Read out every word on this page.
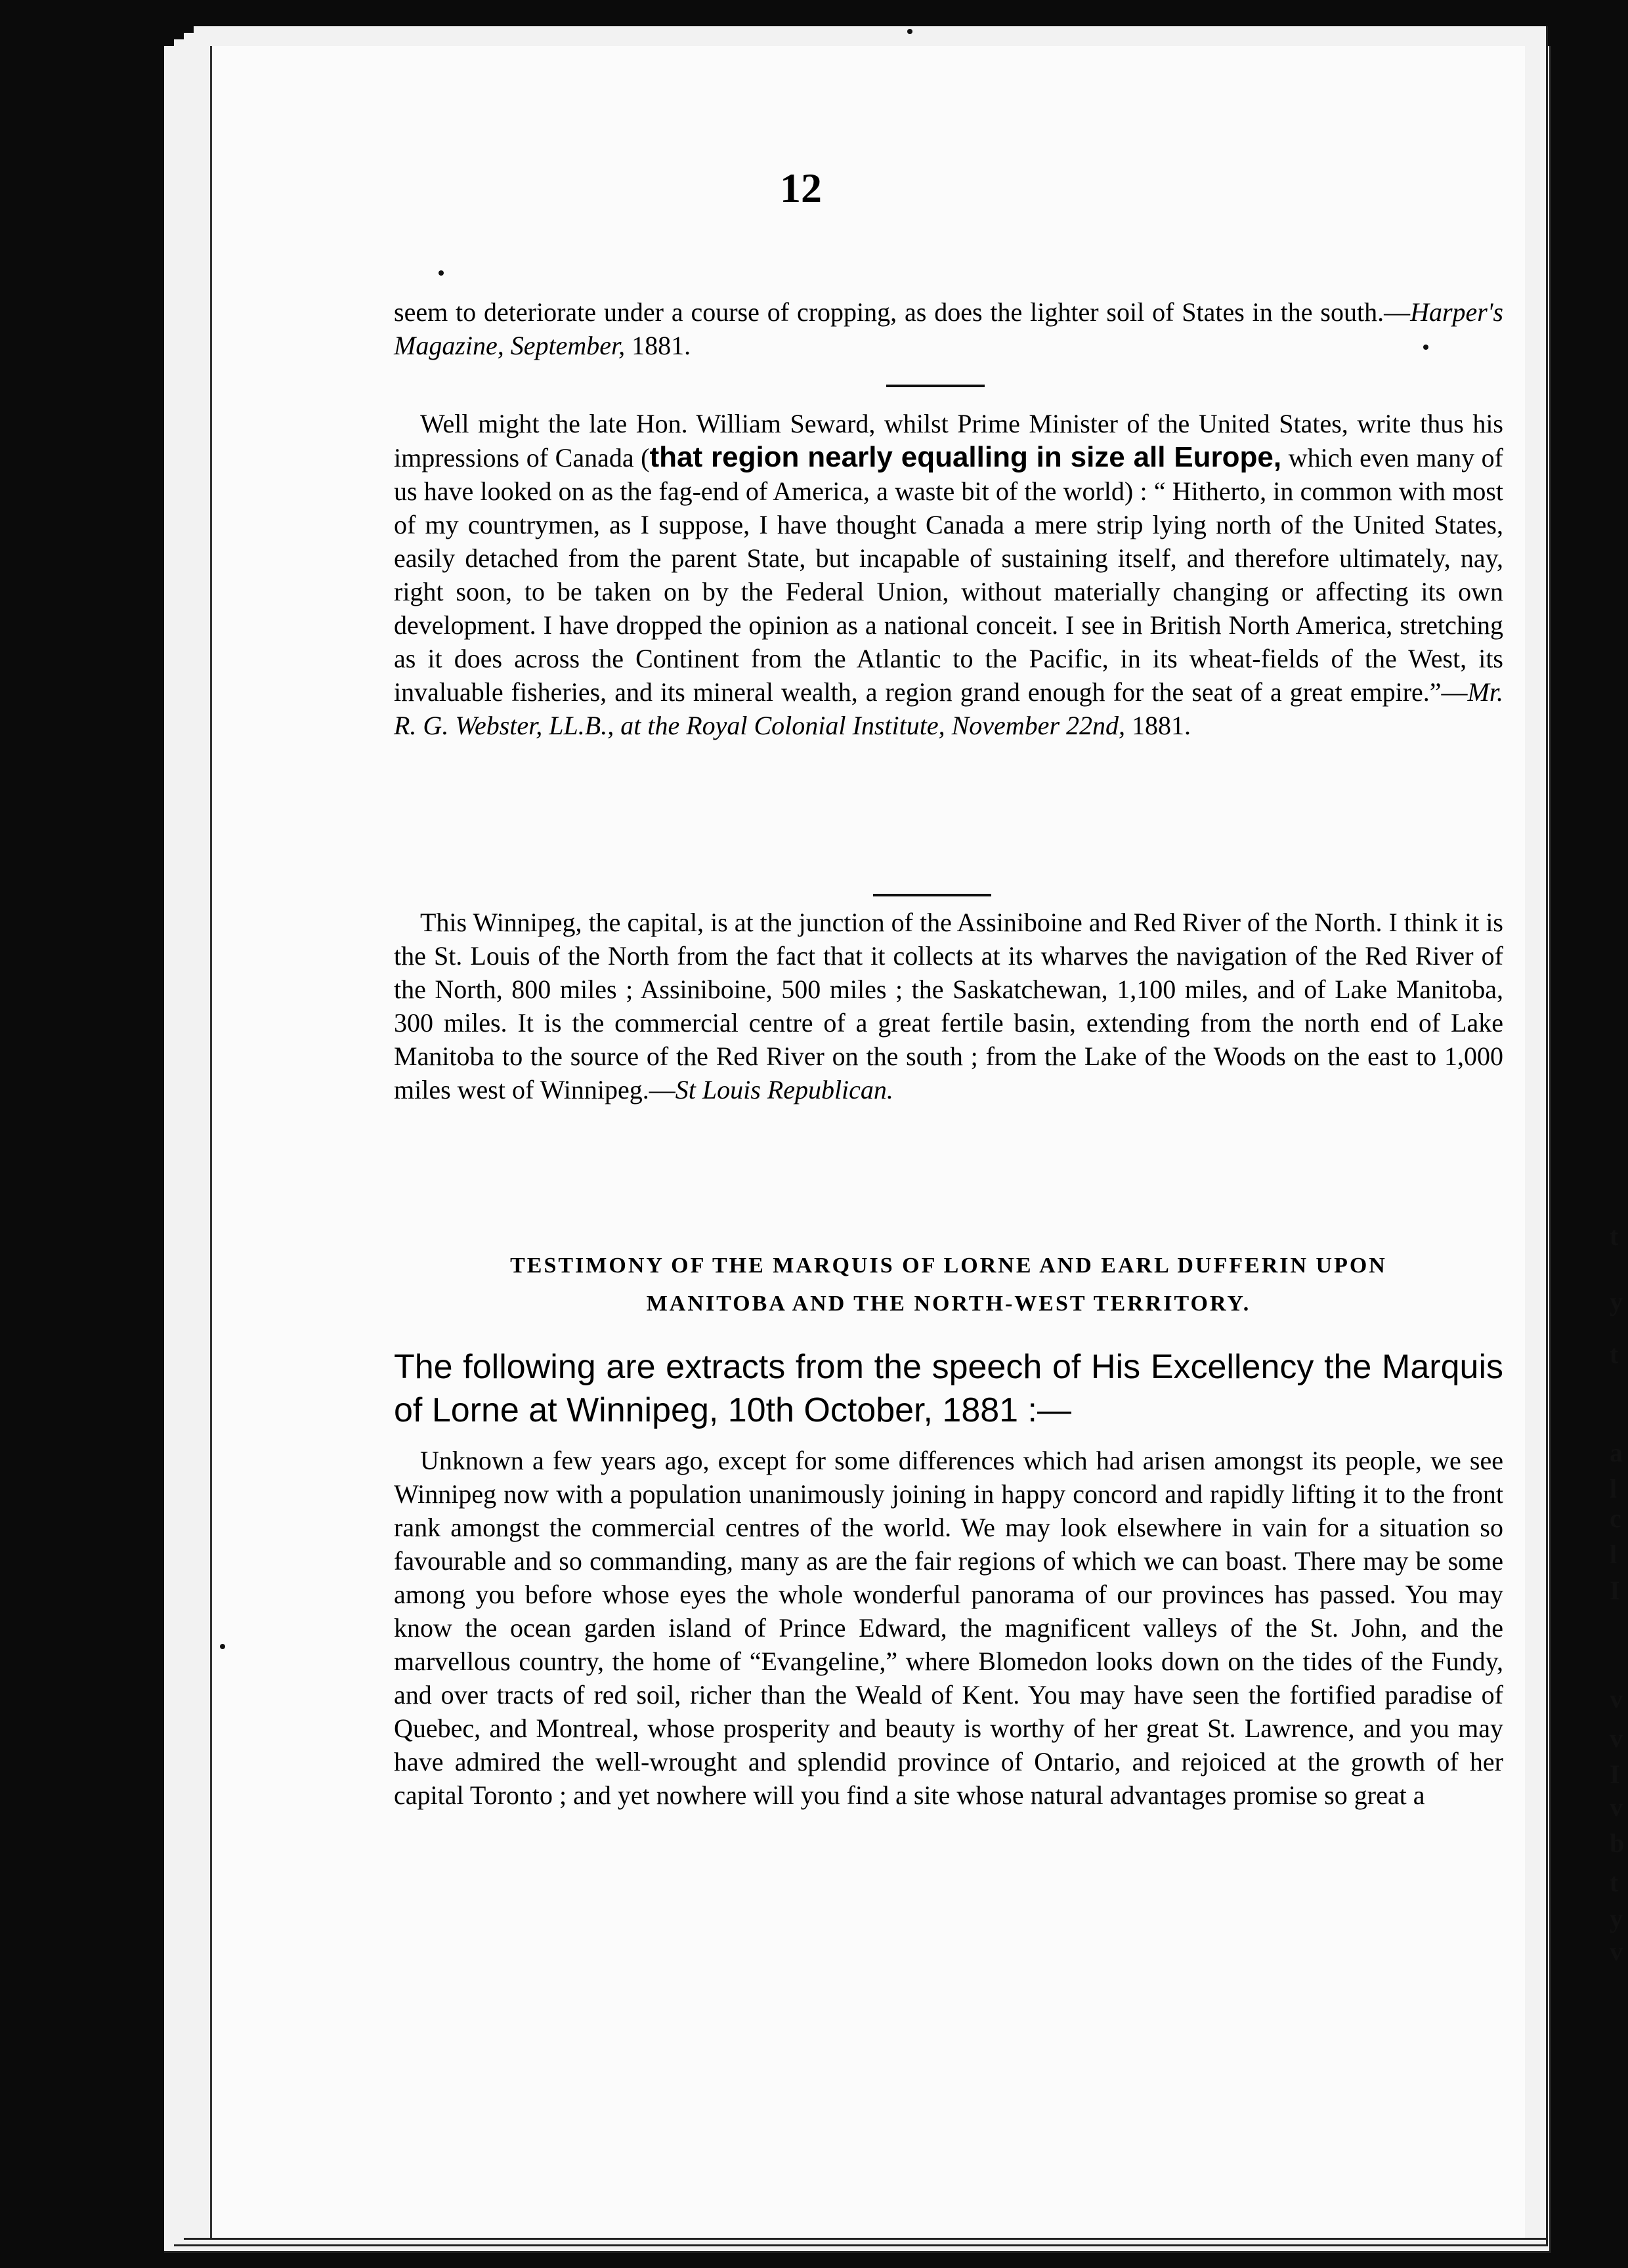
12

seem to deteriorate under a course of cropping, as does the lighter soil of States in the south.—Harper's Magazine, September, 1881.

Well might the late Hon. William Seward, whilst Prime Minister of the United States, write thus his impressions of Canada (that region nearly equalling in size all Europe, which even many of us have looked on as the fag-end of America, a waste bit of the world) : “ Hitherto, in common with most of my countrymen, as I suppose, I have thought Canada a mere strip lying north of the United States, easily detached from the parent State, but incapable of sustaining itself, and therefore ultimately, nay, right soon, to be taken on by the Federal Union, without materially changing or affecting its own development. I have dropped the opinion as a national conceit. I see in British North America, stretching as it does across the Continent from the Atlantic to the Pacific, in its wheat-fields of the West, its invaluable fisheries, and its mineral wealth, a region grand enough for the seat of a great empire.”—Mr. R. G. Webster, LL.B., at the Royal Colonial Institute, November 22nd, 1881.

This Winnipeg, the capital, is at the junction of the Assiniboine and Red River of the North. I think it is the St. Louis of the North from the fact that it collects at its wharves the navigation of the Red River of the North, 800 miles ; Assiniboine, 500 miles ; the Saskatchewan, 1,100 miles, and of Lake Manitoba, 300 miles. It is the commercial centre of a great fertile basin, extending from the north end of Lake Manitoba to the source of the Red River on the south ; from the Lake of the Woods on the east to 1,000 miles west of Winnipeg.—St Louis Republican.

TESTIMONY OF THE MARQUIS OF LORNE AND EARL DUFFERIN UPON
MANITOBA AND THE NORTH-WEST TERRITORY.
The following are extracts from the speech of His Excellency the Marquis of Lorne at Winnipeg, 10th October, 1881 :—

Unknown a few years ago, except for some differences which had arisen amongst its people, we see Winnipeg now with a population unanimously joining in happy concord and rapidly lifting it to the front rank amongst the commercial centres of the world. We may look elsewhere in vain for a situation so favourable and so commanding, many as are the fair regions of which we can boast. There may be some among you before whose eyes the whole wonderful panorama of our provinces has passed. You may know the ocean garden island of Prince Edward, the magnificent valleys of the St. John, and the marvellous country, the home of “Evangeline,” where Blomedon looks down on the tides of the Fundy, and over tracts of red soil, richer than the Weald of Kent. You may have seen the fortified paradise of Quebec, and Montreal, whose prosperity and beauty is worthy of her great St. Lawrence, and you may have admired the well-wrought and splendid province of Ontario, and rejoiced at the growth of her capital Toronto ; and yet nowhere will you find a site whose natural advantages promise so great a

t
y
t
a
l
c
l
I
v
v
I
v
b
t
y
v
